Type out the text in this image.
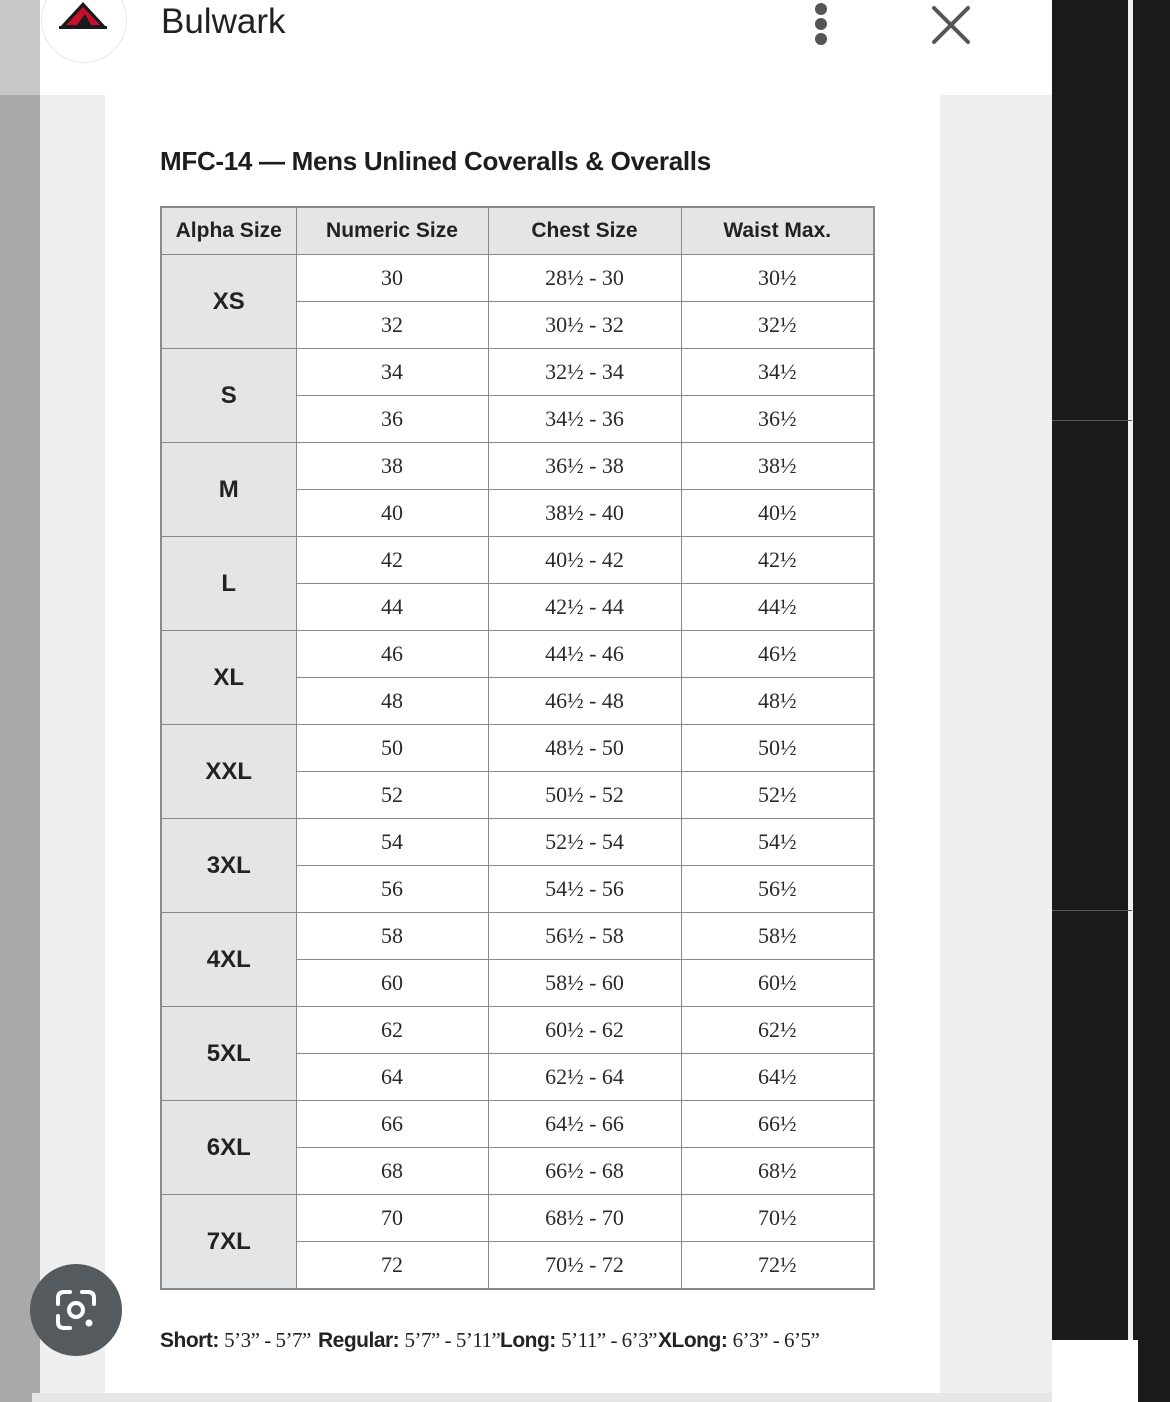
Bulwark
MFC-14 — Mens Unlined Coveralls & Overalls
Alpha Size	Numeric Size	Chest Size	Waist Max.
XS	30	28½ - 30	30½
	32	30½ - 32	32½
S	34	32½ - 34	34½
	36	34½ - 36	36½
M	38	36½ - 38	38½
	40	38½ - 40	40½
L	42	40½ - 42	42½
	44	42½ - 44	44½
XL	46	44½ - 46	46½
	48	46½ - 48	48½
XXL	50	48½ - 50	50½
	52	50½ - 52	52½
3XL	54	52½ - 54	54½
	56	54½ - 56	56½
4XL	58	56½ - 58	58½
	60	58½ - 60	60½
5XL	62	60½ - 62	62½
	64	62½ - 64	64½
6XL	66	64½ - 66	66½
	68	66½ - 68	68½
7XL	70	68½ - 70	70½
	72	70½ - 72	72½
Short: 5’3” - 5’7” Regular: 5’7” - 5’11” Long: 5’11” - 6’3” XLong: 6’3” - 6’5”
